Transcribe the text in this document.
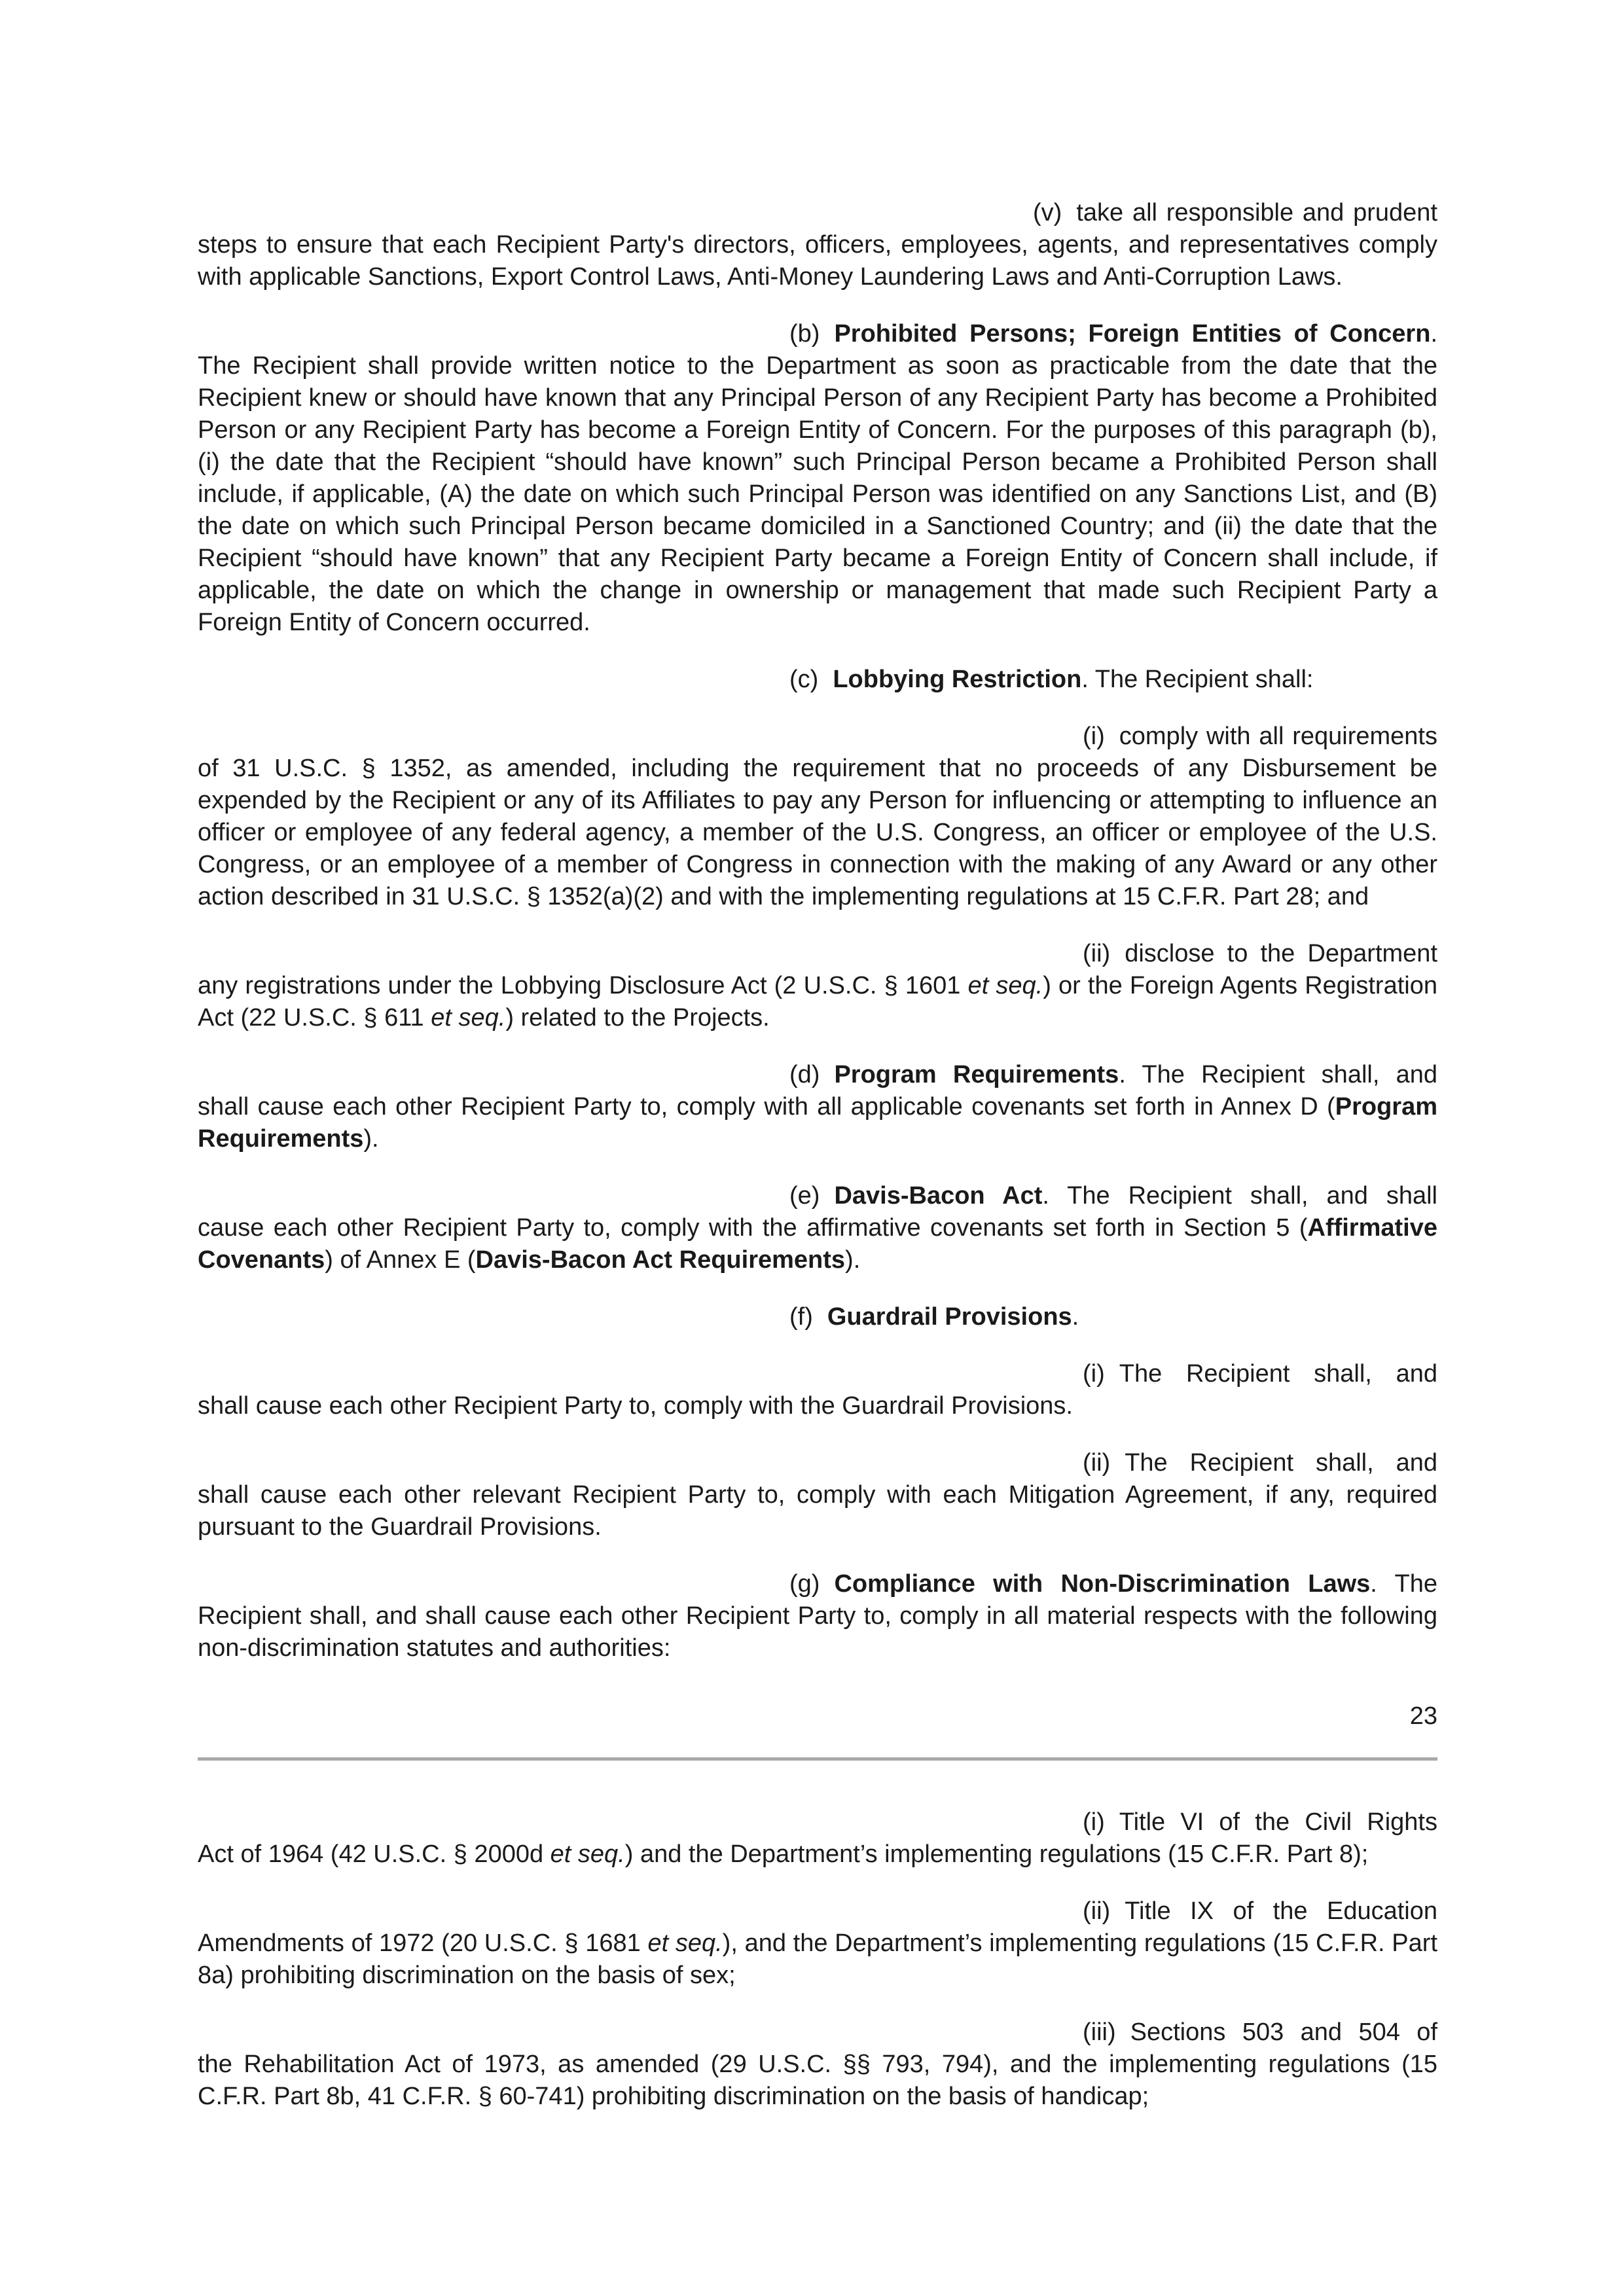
(v) take all responsible and prudent steps to ensure that each Recipient Party's directors, officers, employees, agents, and representatives comply with applicable Sanctions, Export Control Laws, Anti-Money Laundering Laws and Anti-Corruption Laws.

(b) Prohibited Persons; Foreign Entities of Concern. The Recipient shall provide written notice to the Department as soon as practicable from the date that the Recipient knew or should have known that any Principal Person of any Recipient Party has become a Prohibited Person or any Recipient Party has become a Foreign Entity of Concern. For the purposes of this paragraph (b), (i) the date that the Recipient “should have known” such Principal Person became a Prohibited Person shall include, if applicable, (A) the date on which such Principal Person was identified on any Sanctions List, and (B) the date on which such Principal Person became domiciled in a Sanctioned Country; and (ii) the date that the Recipient “should have known” that any Recipient Party became a Foreign Entity of Concern shall include, if applicable, the date on which the change in ownership or management that made such Recipient Party a Foreign Entity of Concern occurred.

(c) Lobbying Restriction. The Recipient shall:

(i) comply with all requirements of 31 U.S.C. § 1352, as amended, including the requirement that no proceeds of any Disbursement be expended by the Recipient or any of its Affiliates to pay any Person for influencing or attempting to influence an officer or employee of any federal agency, a member of the U.S. Congress, an officer or employee of the U.S. Congress, or an employee of a member of Congress in connection with the making of any Award or any other action described in 31 U.S.C. § 1352(a)(2) and with the implementing regulations at 15 C.F.R. Part 28; and

(ii) disclose to the Department any registrations under the Lobbying Disclosure Act (2 U.S.C. § 1601 et seq.) or the Foreign Agents Registration Act (22 U.S.C. § 611 et seq.) related to the Projects.

(d) Program Requirements. The Recipient shall, and shall cause each other Recipient Party to, comply with all applicable covenants set forth in Annex D (Program Requirements).

(e) Davis-Bacon Act. The Recipient shall, and shall cause each other Recipient Party to, comply with the affirmative covenants set forth in Section 5 (Affirmative Covenants) of Annex E (Davis-Bacon Act Requirements).

(f) Guardrail Provisions.

(i) The Recipient shall, and shall cause each other Recipient Party to, comply with the Guardrail Provisions.

(ii) The Recipient shall, and shall cause each other relevant Recipient Party to, comply with each Mitigation Agreement, if any, required pursuant to the Guardrail Provisions.

(g) Compliance with Non-Discrimination Laws. The Recipient shall, and shall cause each other Recipient Party to, comply in all material respects with the following non-discrimination statutes and authorities:

23

(i) Title VI of the Civil Rights Act of 1964 (42 U.S.C. § 2000d et seq.) and the Department’s implementing regulations (15 C.F.R. Part 8);

(ii) Title IX of the Education Amendments of 1972 (20 U.S.C. § 1681 et seq.), and the Department’s implementing regulations (15 C.F.R. Part 8a) prohibiting discrimination on the basis of sex;

(iii) Sections 503 and 504 of the Rehabilitation Act of 1973, as amended (29 U.S.C. §§ 793, 794), and the implementing regulations (15 C.F.R. Part 8b, 41 C.F.R. § 60-741) prohibiting discrimination on the basis of handicap;
